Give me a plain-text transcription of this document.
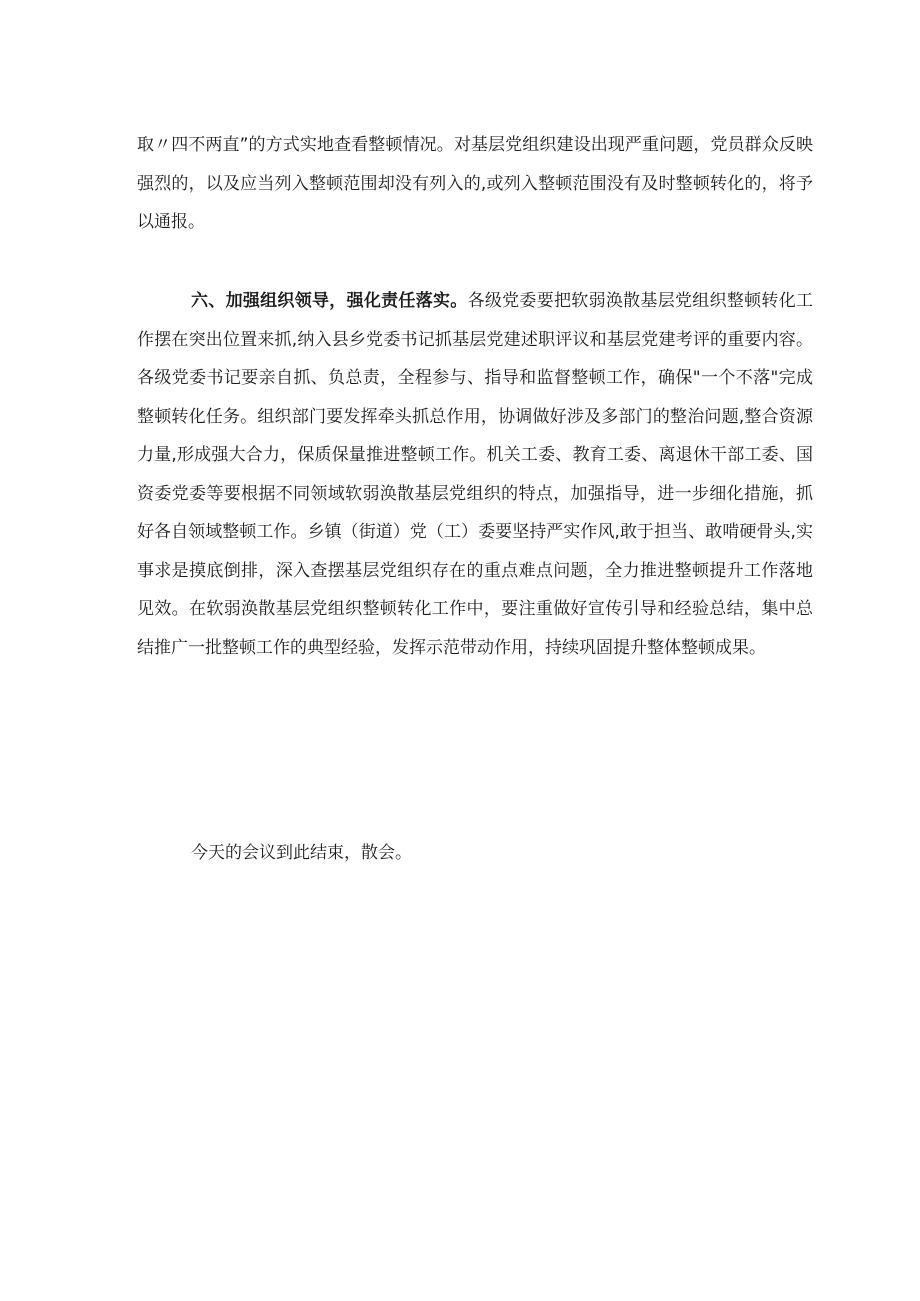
取〃四不两直”的方式实地查看整顿情况。对基层党组织建设出现严重问题，党员群众反映强烈的，以及应当列入整顿范围却没有列入的,或列入整顿范围没有及时整顿转化的，将予以通报。

六、加强组织领导，强化责任落实。各级党委要把软弱涣散基层党组织整顿转化工作摆在突出位置来抓,纳入县乡党委书记抓基层党建述职评议和基层党建考评的重要内容。各级党委书记要亲自抓、负总责，全程参与、指导和监督整顿工作，确保"一个不落"完成整顿转化任务。组织部门要发挥牵头抓总作用，协调做好涉及多部门的整治问题,整合资源力量,形成强大合力，保质保量推进整顿工作。机关工委、教育工委、离退休干部工委、国资委党委等要根据不同领域软弱涣散基层党组织的特点，加强指导，进一步细化措施，抓好各自领域整顿工作。乡镇（街道）党（工）委要坚持严实作风,敢于担当、敢啃硬骨头,实事求是摸底倒排，深入查摆基层党组织存在的重点难点问题，全力推进整顿提升工作落地见效。在软弱涣散基层党组织整顿转化工作中，要注重做好宣传引导和经验总结，集中总结推广一批整顿工作的典型经验，发挥示范带动作用，持续巩固提升整体整顿成果。

今天的会议到此结束，散会。
